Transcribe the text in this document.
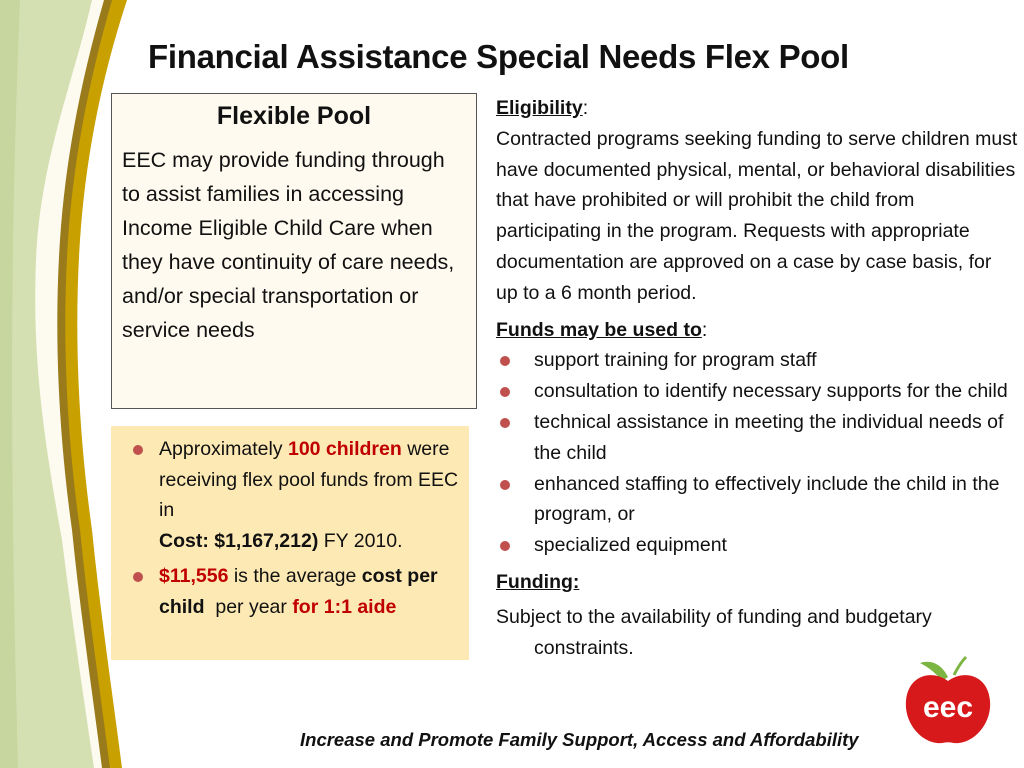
Financial Assistance Special Needs Flex Pool
Flexible Pool

EEC may provide funding through to assist families in accessing Income Eligible Child Care when they have continuity of care needs, and/or special transportation or service needs

Approximately 100 children were receiving flex pool funds from EEC in
Cost: $1,167,212) FY 2010.
$11,556 is the average cost per child  per year for 1:1 aide
Eligibility:

Contracted programs seeking funding to serve children must have documented physical, mental, or behavioral disabilities that have prohibited or will prohibit the child from participating in the program. Requests with appropriate documentation are approved on a case by case basis, for up to a 6 month period.

Funds may be used to:
support training for program staff
consultation to identify necessary supports for the child
technical assistance in meeting the individual needs of the child
enhanced staffing to effectively include the child in the program, or
specialized equipment
Funding:

Subject to the availability of funding and budgetary constraints.

Increase and Promote Family Support, Access and Affordability
eec
